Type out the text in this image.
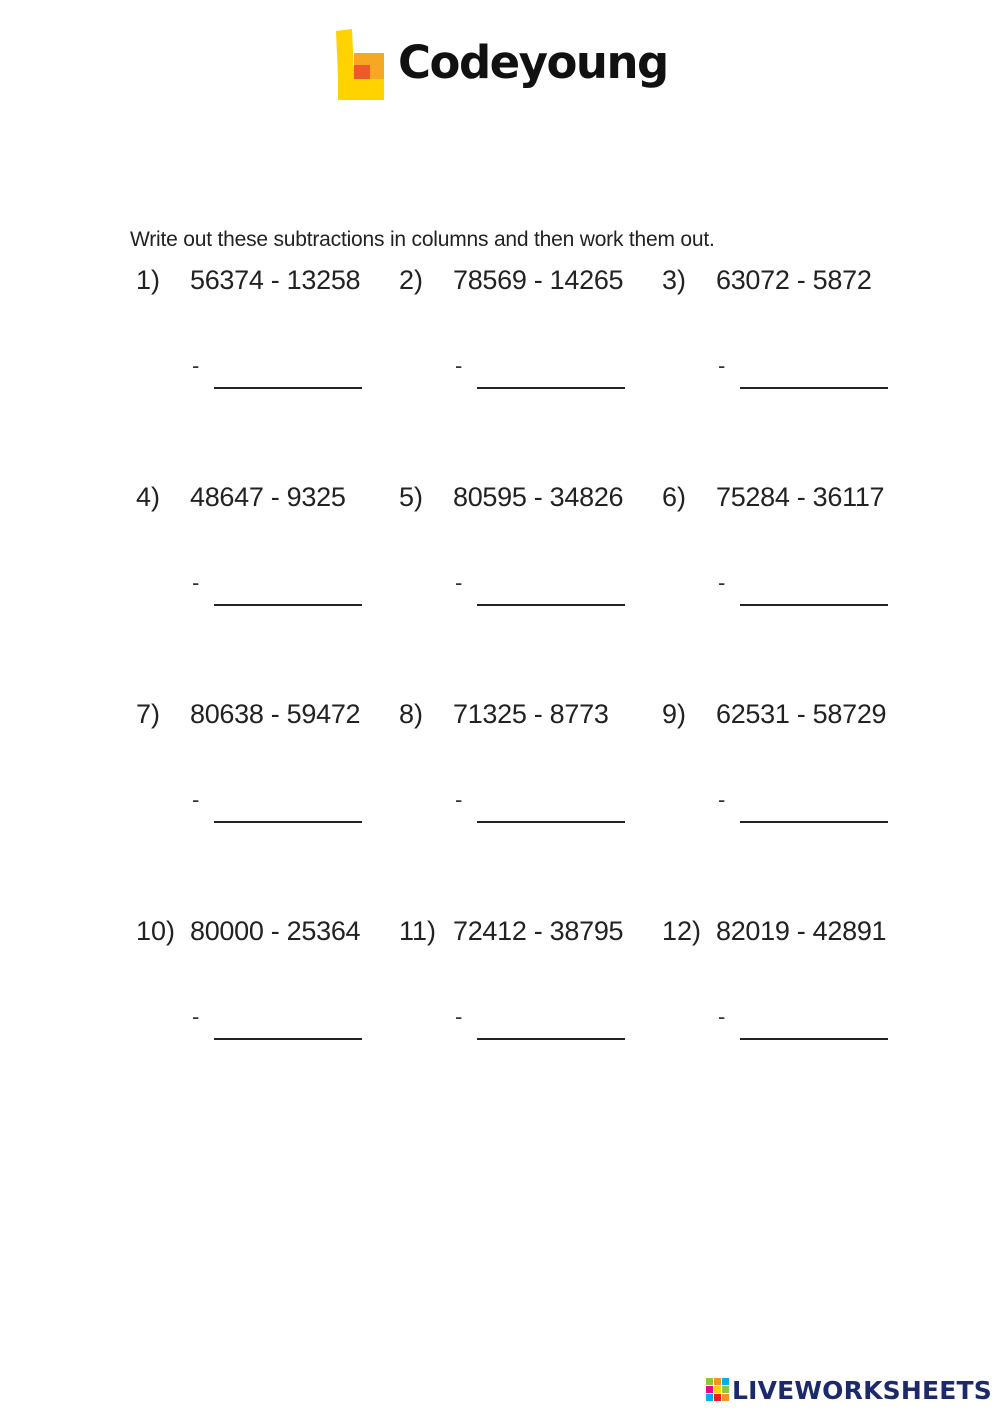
Codeyoung
Write out these subtractions in columns and then work them out.
1) 56374 - 13258
-
2) 78569 - 14265
-
3) 63072 - 5872
-
4) 48647 - 9325
-
5) 80595 - 34826
-
6) 75284 - 36117
-
7) 80638 - 59472
-
8) 71325 - 8773
-
9) 62531 - 58729
-
10) 80000 - 25364
-
11) 72412 - 38795
-
12) 82019 - 42891
-
LIVEWORKSHEETS
